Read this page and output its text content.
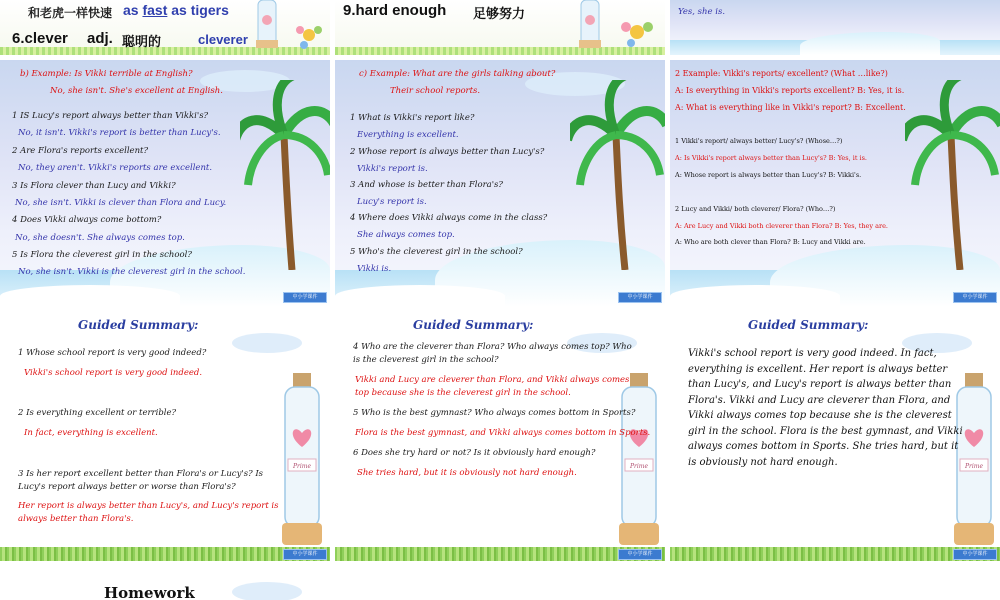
和老虎一样快速 as fast as tigers
6.clever adj. 聪明的	cleverer
9.hard enough 足够努力	Yes, she is.
中小学课件
b) Example: Is Vikki terrible at English?
No, she isn't. She's excellent at English.
1 IS Lucy's report always better than Vikki's?
No, it isn't. Vikki's report is better than Lucy's.
2 Are Flora's reports excellent?
No, they aren't. Vikki's reports are excellent.
3 Is Flora clever than Lucy and Vikki?
No, she isn't. Vikki is clever than Flora and Lucy.
4 Does Vikki always come bottom?
No, she doesn't. She always comes top.
5 Is Flora the cleverest girl in the school?
No, she isn't. Vikki is the cleverest girl in the school.
中小学课件
c) Example: What are the girls talking about?
Their school reports.
1 What is Vikki's report like?
Everything is excellent.
2 Whose report is always better than Lucy's?
Vikki's report is.
3 And whose is better than Flora's?
Lucy's report is.
4 Where does Vikki always come in the class?
She always comes top.
5 Who's the cleverest girl in the school?
Vikki is.
中小学课件
2 Example: Vikki's reports/ excellent? (What …like?)
A: Is everything in Vikki's reports excellent? B: Yes, it is.
A: What is everything like in Vikki's report? B: Excellent.
1 Vikki's report/ always better/ Lucy's? (Whose…?)
A: Is Vikki's report always better than Lucy's? B: Yes, it is.
A: Whose report is always better than Lucy's? B: Vikki's.
2 Lucy and Vikki/ both cleverer/ Flora? (Who…?)
A: Are Lucy and Vikki both cleverer than Flora? B: Yes, they are.
A: Who are both clever than Flora? B: Lucy and Vikki are.
Prime
中小学课件
Guided Summary:
1 Whose school report is very good indeed?
Vikki's school report is very good indeed.
2 Is everything excellent or terrible?
In fact, everything is excellent.
3 Is her report excellent better than Flora's or Lucy's? Is Lucy's report always better or worse than Flora's?
Her report is always better than Lucy's, and Lucy's report is always better than Flora's.
Prime
中小学课件
Guided Summary:
4 Who are the cleverer than Flora? Who always comes top? Who is the cleverest girl in the school?
Vikki and Lucy are cleverer than Flora, and Vikki always comes top because she is the cleverest girl in the school.
5 Who is the best gymnast? Who always comes bottom in Sports?
Flora is the best gymnast, and Vikki always comes bottom in Sports.
6 Does she try hard or not? Is it obviously hard enough?
She tries hard, but it is obviously not hard enough.
Prime
中小学课件
Guided Summary:
Vikki's school report is very good indeed. In fact, everything is excellent. Her report is always better than Lucy's, and Lucy's report is always better than Flora's. Vikki and Lucy are cleverer than Flora, and Vikki always comes top because she is the cleverest girl in the school. Flora is the best gymnast, and Vikki always comes bottom in Sports. She tries hard, but it is obviously not hard enough.
Homework
